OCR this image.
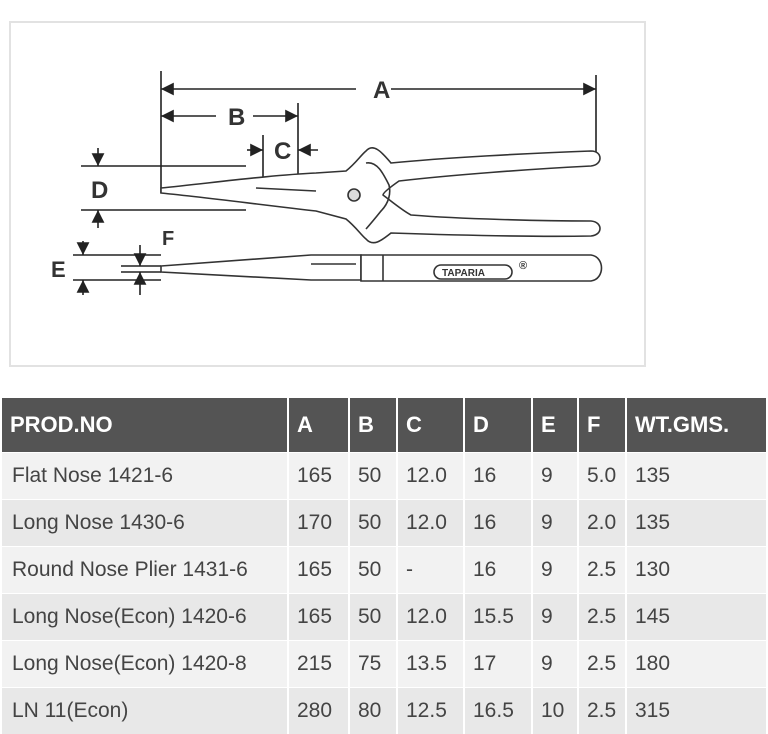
A
B
C
D
E
F
TAPARIA
®
PROD.NO	A	B	C	D	E	F	WT.GMS.
Flat Nose 1421-6	165	50	12.0	16	9	5.0	135
Long Nose 1430-6	170	50	12.0	16	9	2.0	135
Round Nose Plier 1431-6	165	50	-	16	9	2.5	130
Long Nose(Econ) 1420-6	165	50	12.0	15.5	9	2.5	145
Long Nose(Econ) 1420-8	215	75	13.5	17	9	2.5	180
LN 11(Econ)	280	80	12.5	16.5	10	2.5	315
